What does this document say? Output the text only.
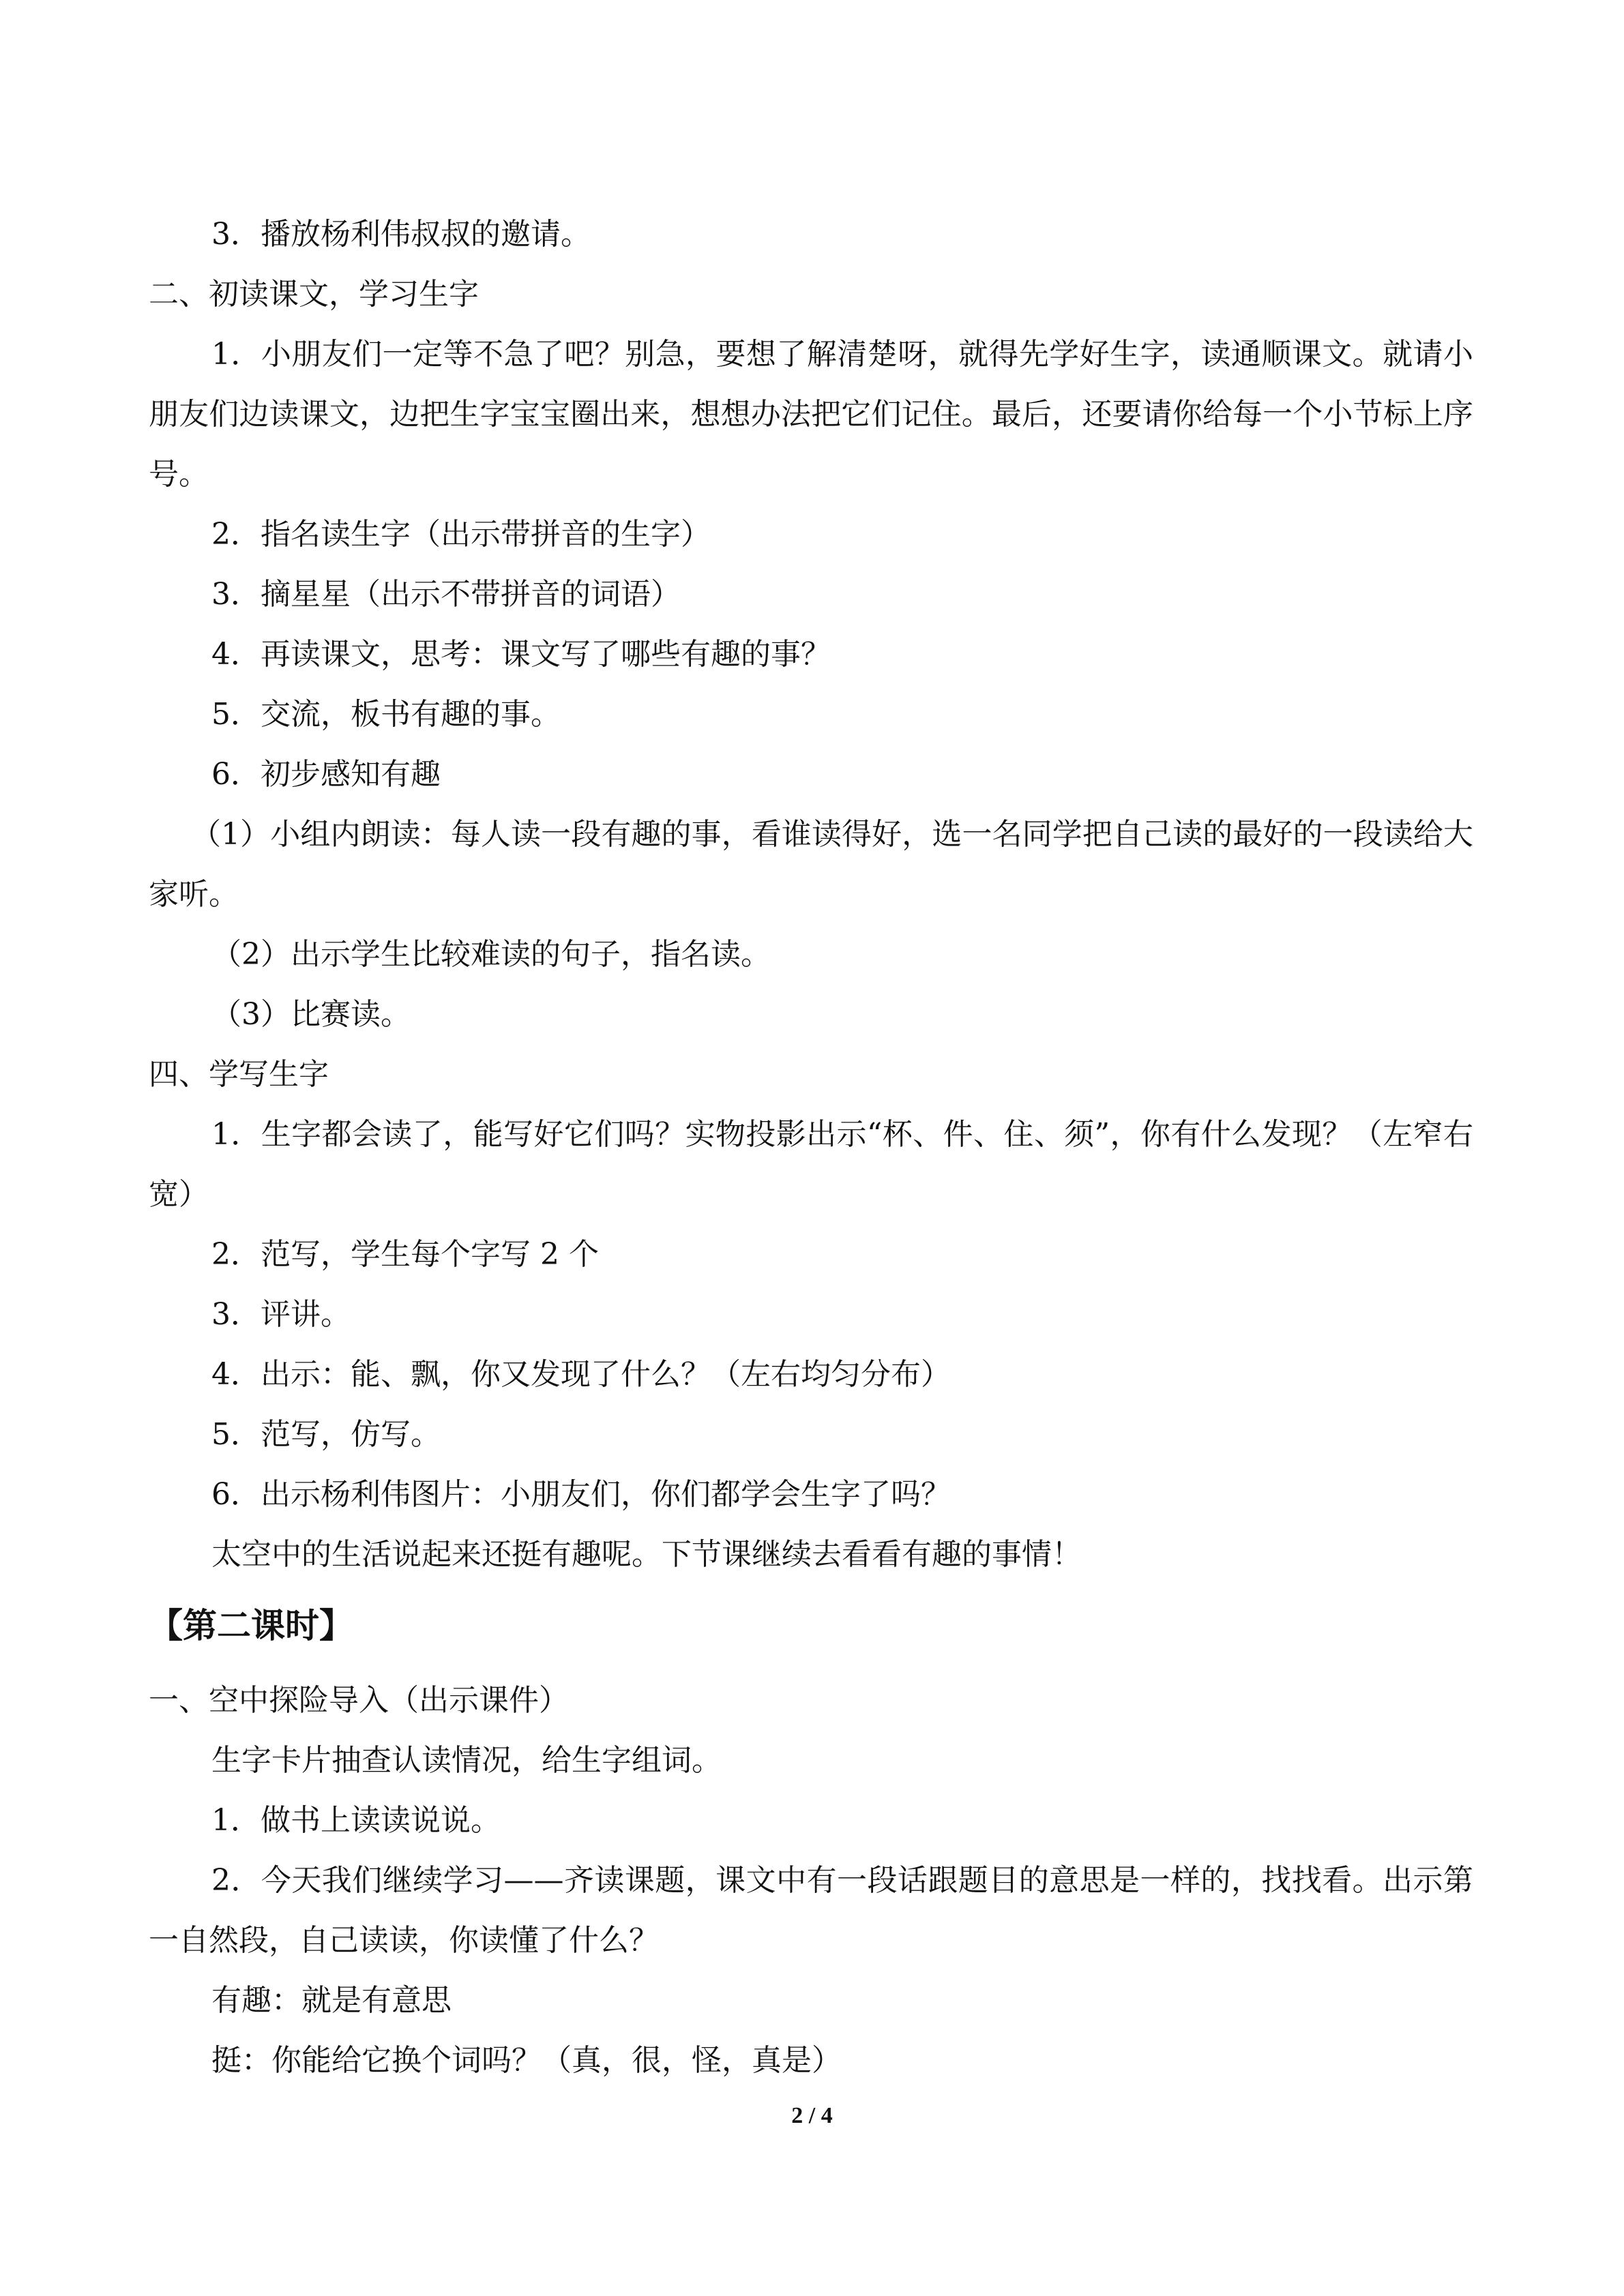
3．播放杨利伟叔叔的邀请。

二、初读课文，学习生字

1．小朋友们一定等不急了吧？别急，要想了解清楚呀，就得先学好生字，读通顺课文。就请小朋友们边读课文，边把生字宝宝圈出来，想想办法把它们记住。最后，还要请你给每一个小节标上序号。

2．指名读生字（出示带拼音的生字）

3．摘星星（出示不带拼音的词语）

4．再读课文，思考：课文写了哪些有趣的事？

5．交流，板书有趣的事。

6．初步感知有趣

（1）小组内朗读：每人读一段有趣的事，看谁读得好，选一名同学把自己读的最好的一段读给大家听。

（2）出示学生比较难读的句子，指名读。

（3）比赛读。

四、学写生字

1．生字都会读了，能写好它们吗？实物投影出示“杯、件、住、须”，你有什么发现？（左窄右宽）

2．范写，学生每个字写 2 个

3．评讲。

4．出示：能、飘，你又发现了什么？（左右均匀分布）

5．范写，仿写。

6．出示杨利伟图片：小朋友们，你们都学会生字了吗？

太空中的生活说起来还挺有趣呢。下节课继续去看看有趣的事情！

【第二课时】

一、空中探险导入（出示课件）

生字卡片抽查认读情况，给生字组词。

1．做书上读读说说。

2．今天我们继续学习——齐读课题，课文中有一段话跟题目的意思是一样的，找找看。出示第一自然段，自己读读，你读懂了什么？

有趣：就是有意思

挺：你能给它换个词吗？（真，很，怪，真是）

2 / 4
